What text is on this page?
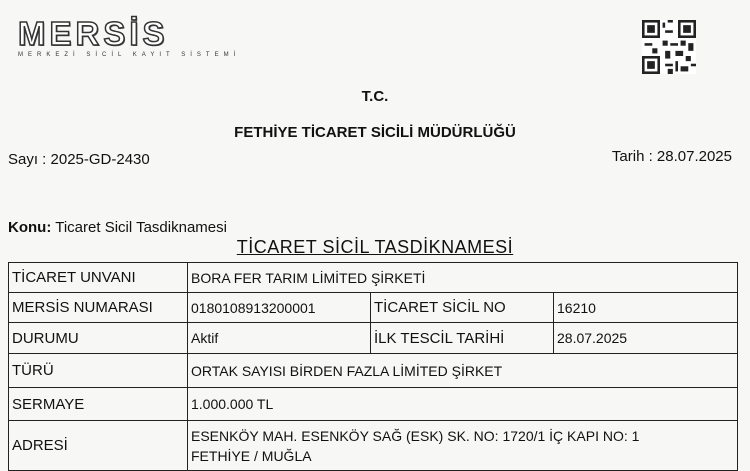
MERSİS
MERKEZİ SİCİL KAYIT SİSTEMİ
T.C.
FETHİYE TİCARET SİCİLİ MÜDÜRLÜĞÜ
Sayı : 2025-GD-2430	Tarih : 28.07.2025
Konu: Ticaret Sicil Tasdiknamesi
TİCARET SİCİL TASDİKNAMESİ
TİCARET UNVANI	BORA FER TARIM LİMİTED ŞİRKETİ		
MERSİS NUMARASI	0180108913200001	TİCARET SİCİL NO	16210
DURUMU	Aktif	İLK TESCİL TARİHİ	28.07.2025
TÜRÜ	ORTAK SAYISI BİRDEN FAZLA LİMİTED ŞİRKET		
SERMAYE	1.000.000 TL		
ADRESİ	ESENKÖY MAH. ESENKÖY SAĞ (ESK) SK. NO: 1720/1 İÇ KAPI NO: 1
FETHİYE / MUĞLA		
